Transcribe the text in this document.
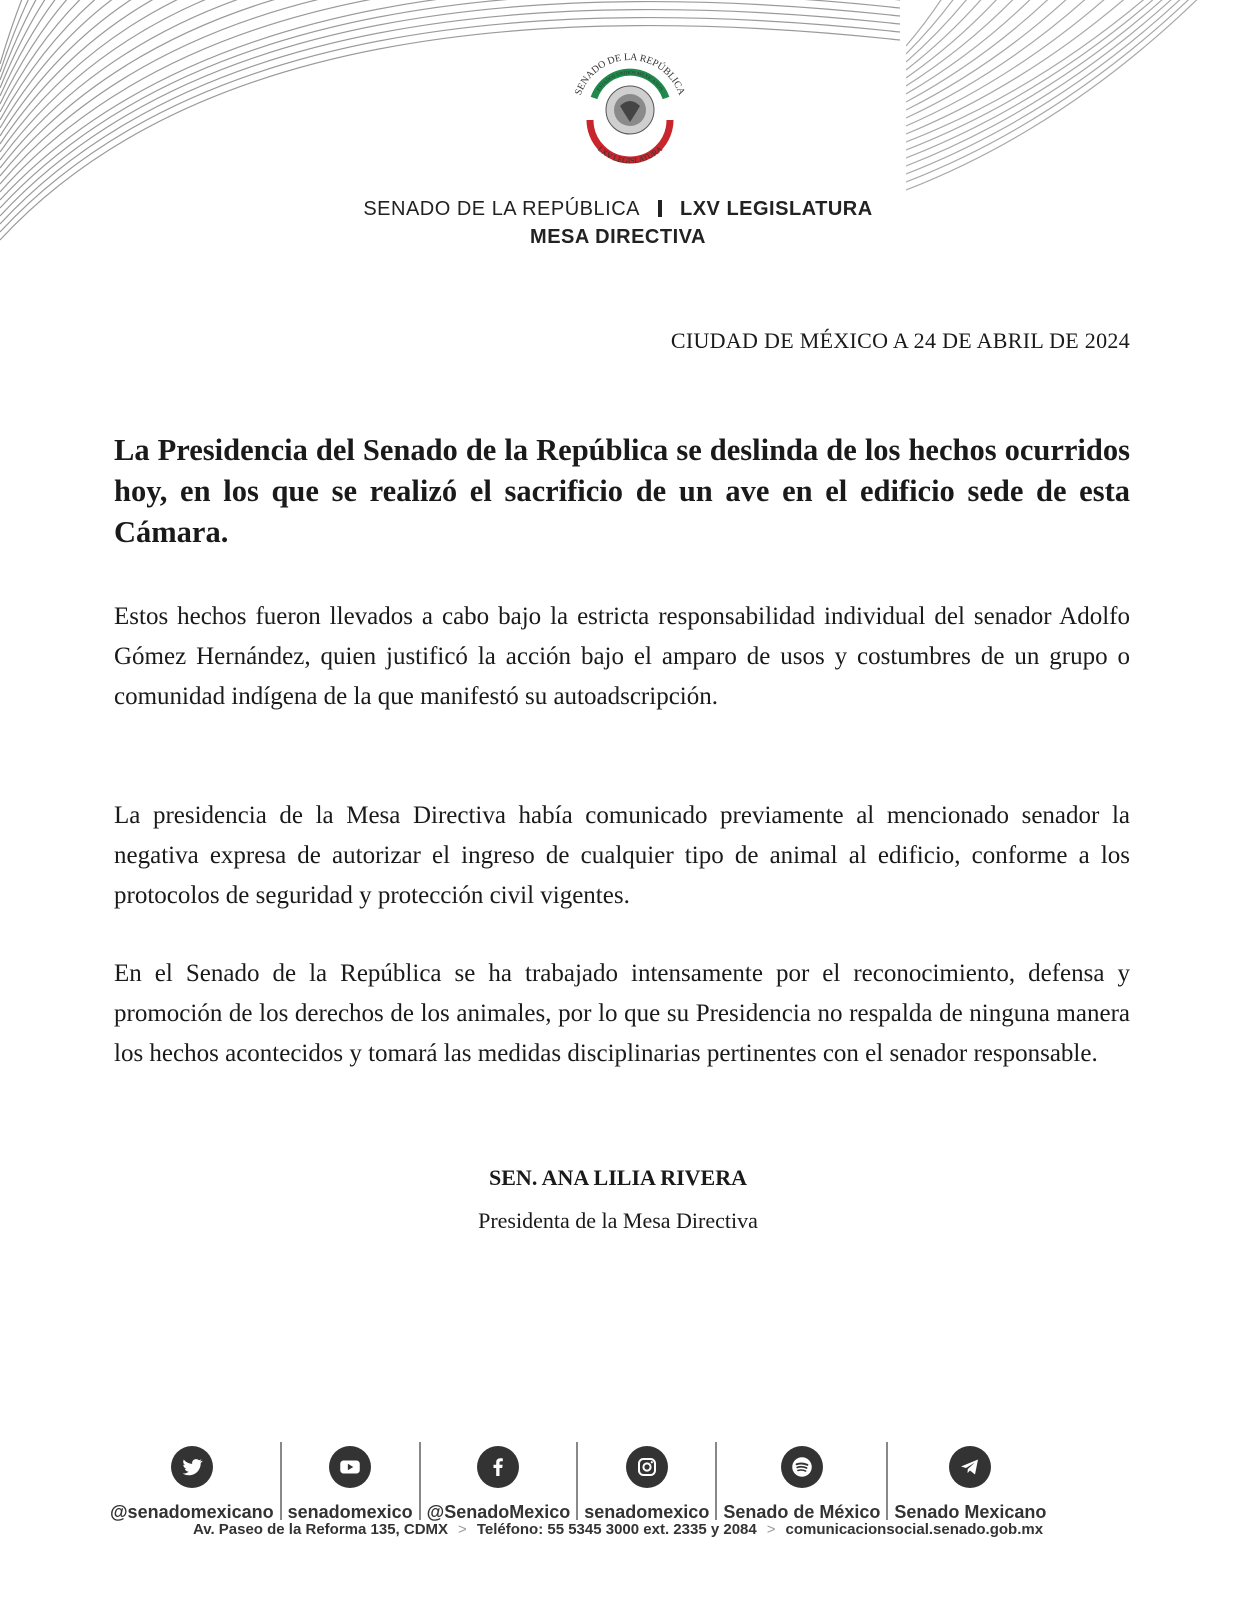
SENADO DE LA REPÚBLICA
ESTADOS UNIDOS MEXICANOS
LXV LEGISLATURA
SENADO DE LA REPÚBLICA LXV LEGISLATURA
MESA DIRECTIVA
CIUDAD DE MÉXICO A 24 DE ABRIL DE 2024
La Presidencia del Senado de la República se deslinda de los hechos ocurridos hoy, en los que se realizó el sacrificio de un ave en el edificio sede de esta Cámara.
Estos hechos fueron llevados a cabo bajo la estricta responsabilidad individual del senador Adolfo Gómez Hernández, quien justificó la acción bajo el amparo de usos y costumbres de un grupo o comunidad indígena de la que manifestó su autoadscripción.
La presidencia de la Mesa Directiva había comunicado previamente al mencionado senador la negativa expresa de autorizar el ingreso de cualquier tipo de animal al edificio, conforme a los protocolos de seguridad y protección civil vigentes.
En el Senado de la República se ha trabajado intensamente por el reconocimiento, defensa y promoción de los derechos de los animales, por lo que su Presidencia no respalda de ninguna manera los hechos acontecidos y tomará las medidas disciplinarias pertinentes con el senador responsable.
SEN. ANA LILIA RIVERA
Presidenta de la Mesa Directiva
@senadomexicano senadomexico @SenadoMexico senadomexico Senado de México Senado Mexicano
Av. Paseo de la Reforma 135, CDMX > Teléfono: 55 5345 3000 ext. 2335 y 2084 > comunicacionsocial.senado.gob.mx
